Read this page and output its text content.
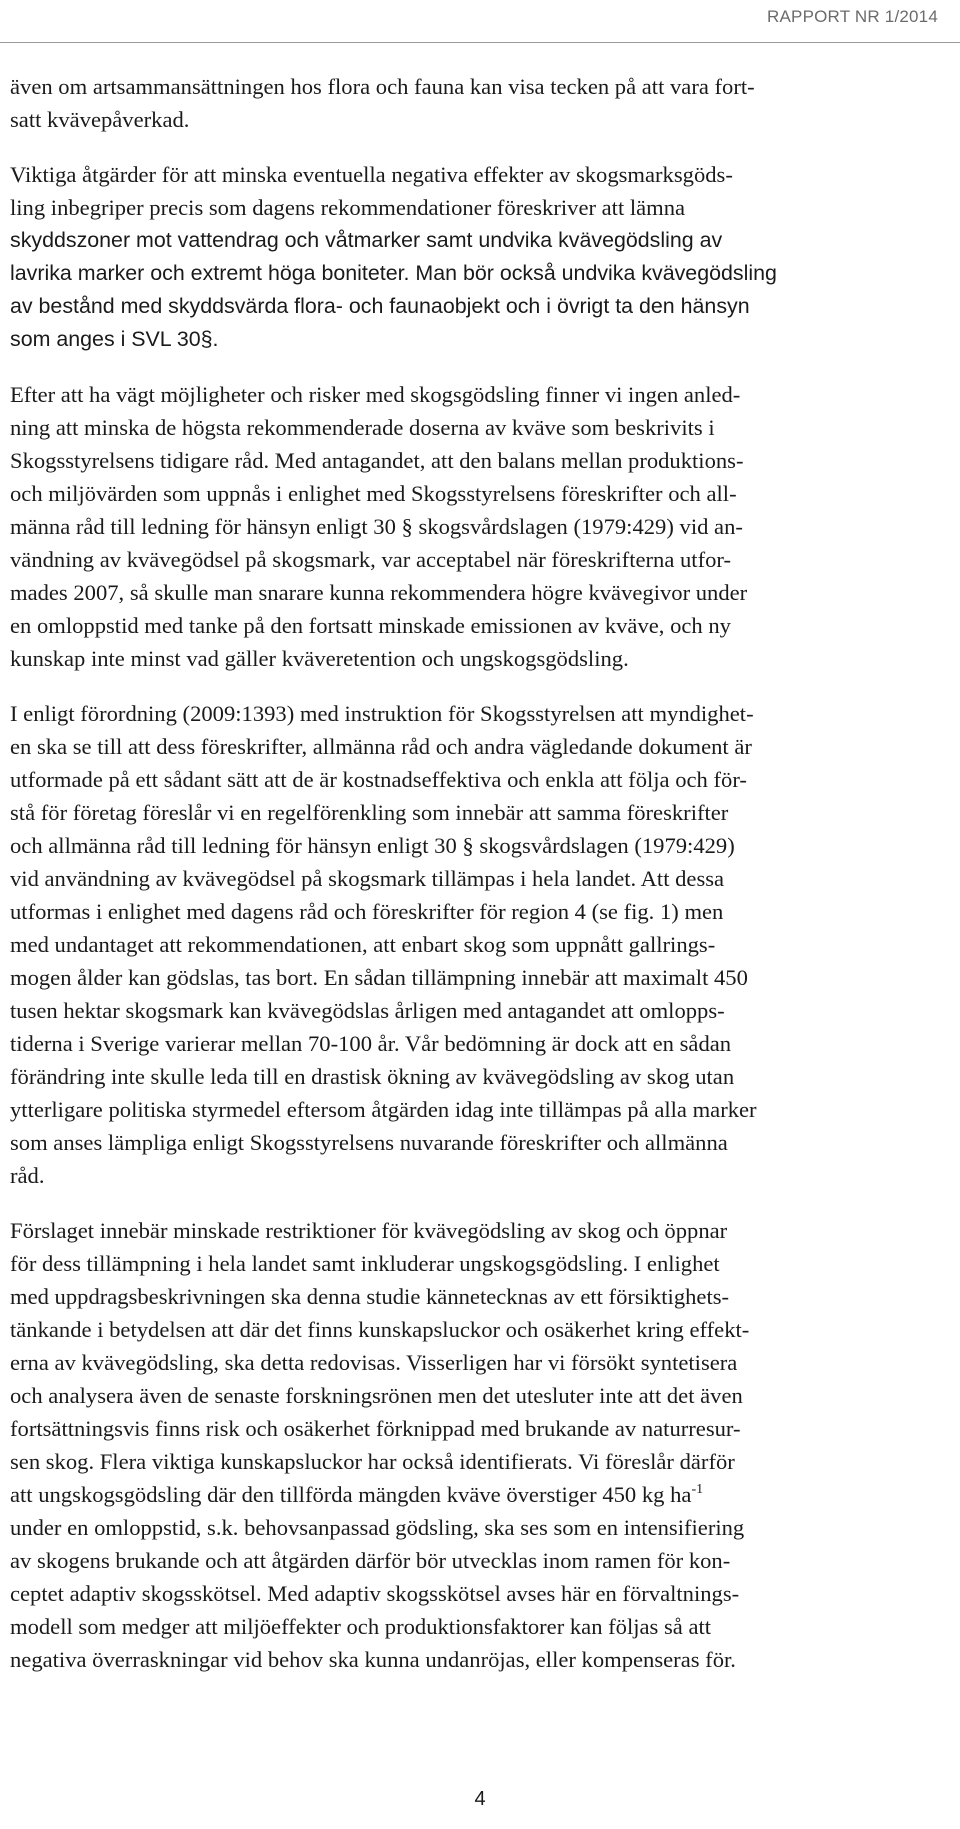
RAPPORT NR 1/2014

även om artsammansättningen hos flora och fauna kan visa tecken på att vara fort-
satt kvävepåverkad.

Viktiga åtgärder för att minska eventuella negativa effekter av skogsmarksgöds-
ling inbegriper precis som dagens rekommendationer föreskriver att lämna
skyddszoner mot vattendrag och våtmarker samt undvika kvävegödsling av
lavrika marker och extremt höga boniteter. Man bör också undvika kvävegödsling
av bestånd med skyddsvärda flora- och faunaobjekt och i övrigt ta den hänsyn
som anges i SVL 30§.

Efter att ha vägt möjligheter och risker med skogsgödsling finner vi ingen anled-
ning att minska de högsta rekommenderade doserna av kväve som beskrivits i
Skogsstyrelsens tidigare råd. Med antagandet, att den balans mellan produktions-
och miljövärden som uppnås i enlighet med Skogsstyrelsens föreskrifter och all-
männa råd till ledning för hänsyn enligt 30 § skogsvårdslagen (1979:429) vid an-
vändning av kvävegödsel på skogsmark, var acceptabel när föreskrifterna utfor-
mades 2007, så skulle man snarare kunna rekommendera högre kvävegivor under
en omloppstid med tanke på den fortsatt minskade emissionen av kväve, och ny
kunskap inte minst vad gäller kväveretention och ungskogsgödsling.

I enligt förordning (2009:1393) med instruktion för Skogsstyrelsen att myndighet-
en ska se till att dess föreskrifter, allmänna råd och andra vägledande dokument är
utformade på ett sådant sätt att de är kostnadseffektiva och enkla att följa och för-
stå för företag föreslår vi en regelförenkling som innebär att samma föreskrifter
och allmänna råd till ledning för hänsyn enligt 30 § skogsvårdslagen (1979:429)
vid användning av kvävegödsel på skogsmark tillämpas i hela landet. Att dessa
utformas i enlighet med dagens råd och föreskrifter för region 4 (se fig. 1) men
med undantaget att rekommendationen, att enbart skog som uppnått gallrings-
mogen ålder kan gödslas, tas bort. En sådan tillämpning innebär att maximalt 450
tusen hektar skogsmark kan kvävegödslas årligen med antagandet att omlopps-
tiderna i Sverige varierar mellan 70-100 år. Vår bedömning är dock att en sådan
förändring inte skulle leda till en drastisk ökning av kvävegödsling av skog utan
ytterligare politiska styrmedel eftersom åtgärden idag inte tillämpas på alla marker
som anses lämpliga enligt Skogsstyrelsens nuvarande föreskrifter och allmänna
råd.

Förslaget innebär minskade restriktioner för kvävegödsling av skog och öppnar
för dess tillämpning i hela landet samt inkluderar ungskogsgödsling. I enlighet
med uppdragsbeskrivningen ska denna studie kännetecknas av ett försiktighets-
tänkande i betydelsen att där det finns kunskapsluckor och osäkerhet kring effekt-
erna av kvävegödsling, ska detta redovisas. Visserligen har vi försökt syntetisera
och analysera även de senaste forskningsrönen men det utesluter inte att det även
fortsättningsvis finns risk och osäkerhet förknippad med brukande av naturresur-
sen skog. Flera viktiga kunskapsluckor har också identifierats. Vi föreslår därför
att ungskogsgödsling där den tillförda mängden kväve överstiger 450 kg $ha^{-1}$
under en omloppstid, s.k. behovsanpassad gödsling, ska ses som en intensifiering
av skogens brukande och att åtgärden därför bör utvecklas inom ramen för kon-
ceptet adaptiv skogsskötsel. Med adaptiv skogsskötsel avses här en förvaltnings-
modell som medger att miljöeffekter och produktionsfaktorer kan följas så att
negativa överraskningar vid behov ska kunna undanröjas, eller kompenseras för.

4
